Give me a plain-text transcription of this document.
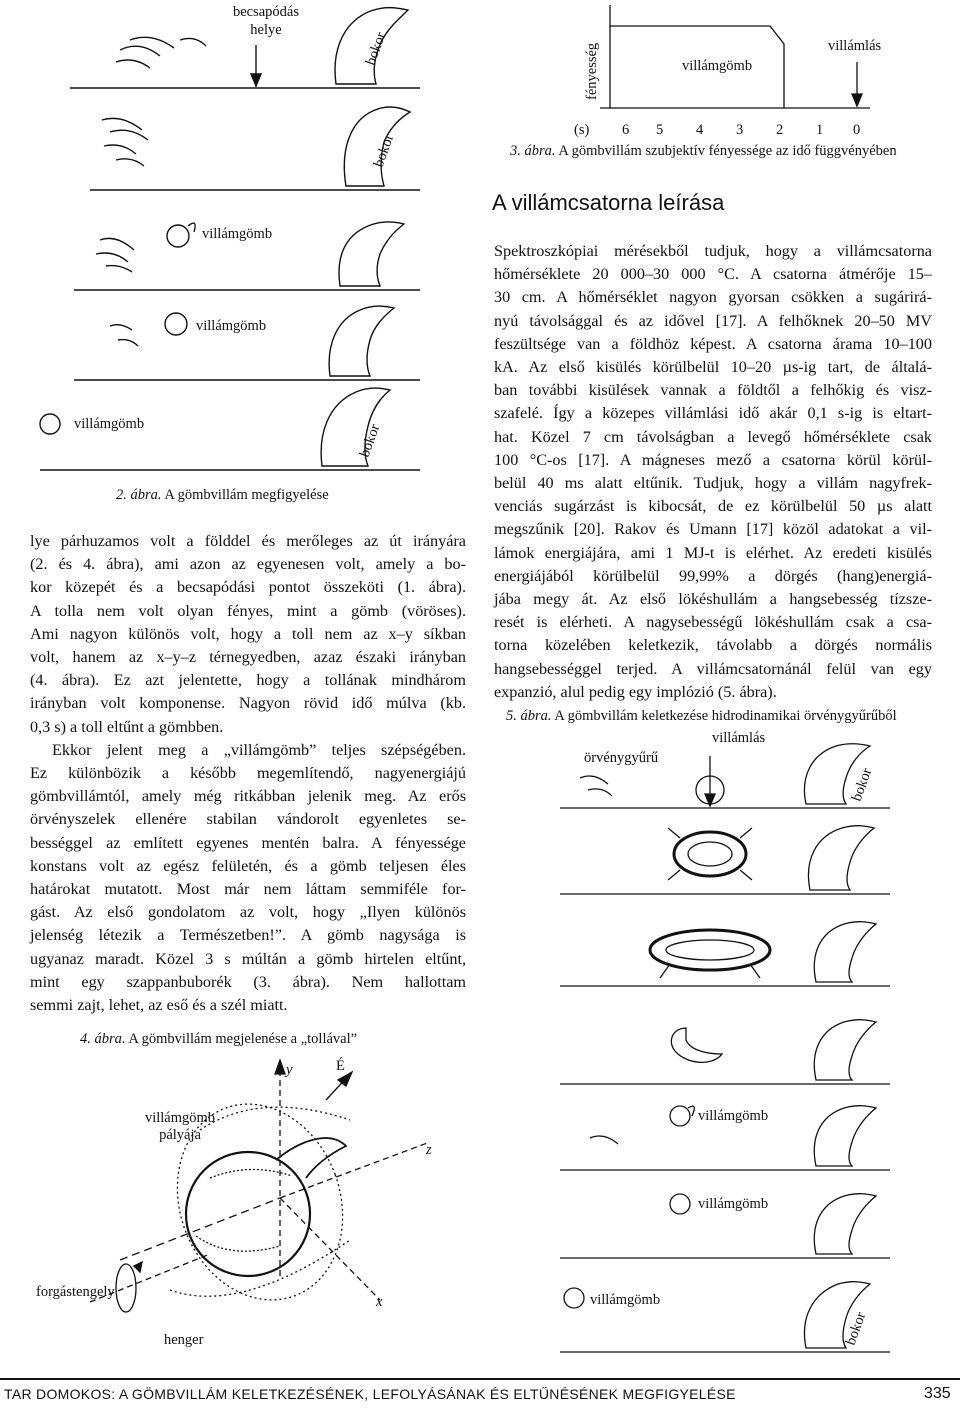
becsapódás
helye
bokor
bokor
villámgömb
villámgömb
villámgömb	bokor
2. ábra. A gömbvillám megfigyelése
fényesség	villámgömb
villámlás
(s) 6 5 4 3 2 1 0
3. ábra. A gömbvillám szubjektív fényessége az idő függvényében
A villámcsatorna leírása
Spektroszkópiai mérésekből tudjuk, hogy a villámcsatorna
hőmérséklete 20 000–30 000 °C. A csatorna átmérője 15–
30 cm. A hőmérséklet nagyon gyorsan csökken a sugárirá-
nyú távolsággal és az idővel [17]. A felhőknek 20–50 MV
feszültsége van a földhöz képest. A csatorna árama 10–100
kA. Az első kisülés körülbelül 10–20 µs-ig tart, de általá-
ban további kisülések vannak a földtől a felhőkig és visz-
szafelé. Így a közepes villámlási idő akár 0,1 s-ig is eltart-
hat. Közel 7 cm távolságban a levegő hőmérséklete csak
100 °C-os [17]. A mágneses mező a csatorna körül körül-
belül 40 ms alatt eltűnik. Tudjuk, hogy a villám nagyfrek-
venciás sugárzást is kibocsát, de ez körülbelül 50 µs alatt
megszűnik [20]. Rakov és Umann [17] közöl adatokat a vil-
lámok energiájára, ami 1 MJ-t is elérhet. Az eredeti kisülés
energiájából körülbelül 99,99% a dörgés (hang)energiá-
jába megy át. Az első lökéshullám a hangsebesség tízsze-
resét is elérheti. A nagysebességű lökéshullám csak a csa-
torna közelében keletkezik, távolabb a dörgés normális
hangsebességgel terjed. A villámcsatornánál felül van egy
expanzió, alul pedig egy implózió (5. ábra).
5. ábra. A gömbvillám keletkezése hidrodinamikai örvénygyűrűből
lye párhuzamos volt a földdel és merőleges az út irányára
(2. és 4. ábra), ami azon az egyenesen volt, amely a bo-
kor közepét és a becsapódási pontot összeköti (1. ábra).
A tolla nem volt olyan fényes, mint a gömb (vöröses).
Ami nagyon különös volt, hogy a toll nem az x–y síkban
volt, hanem az x–y–z térnegyedben, azaz északi irányban
(4. ábra). Ez azt jelentette, hogy a tollának mindhárom
irányban volt komponense. Nagyon rövid idő múlva (kb.
0,3 s) a toll eltűnt a gömbben.
Ekkor jelent meg a „villámgömb” teljes szépségében.
Ez különbözik a később megemlítendő, nagyenergiájú
gömbvillámtól, amely még ritkábban jelenik meg. Az erős
örvényszelek ellenére stabilan vándorolt egyenletes se-
bességgel az említett egyenes mentén balra. A fényessége
konstans volt az egész felületén, és a gömb teljesen éles
határokat mutatott. Most már nem láttam semmiféle for-
gást. Az első gondolatom az volt, hogy „Ilyen különös
jelenség létezik a Természetben!”. A gömb nagysága is
ugyanaz maradt. Közel 3 s múltán a gömb hirtelen eltűnt,
mint egy szappanbuborék (3. ábra). Nem hallottam
semmi zajt, lehet, az eső és a szél miatt.
4. ábra. A gömbvillám megjelenése a „tollával”
y	É
z
x
villámgömb
pályája
forgástengely
henger
villámlás
örvénygyűrű
bokor
villámgömb
villámgömb
villámgömb
bokor
TAR DOMOKOS: A GÖMBVILLÁM KELETKEZÉSÉNEK, LEFOLYÁSÁNAK ÉS ELTŰNÉSÉNEK MEGFIGYELÉSE	335
